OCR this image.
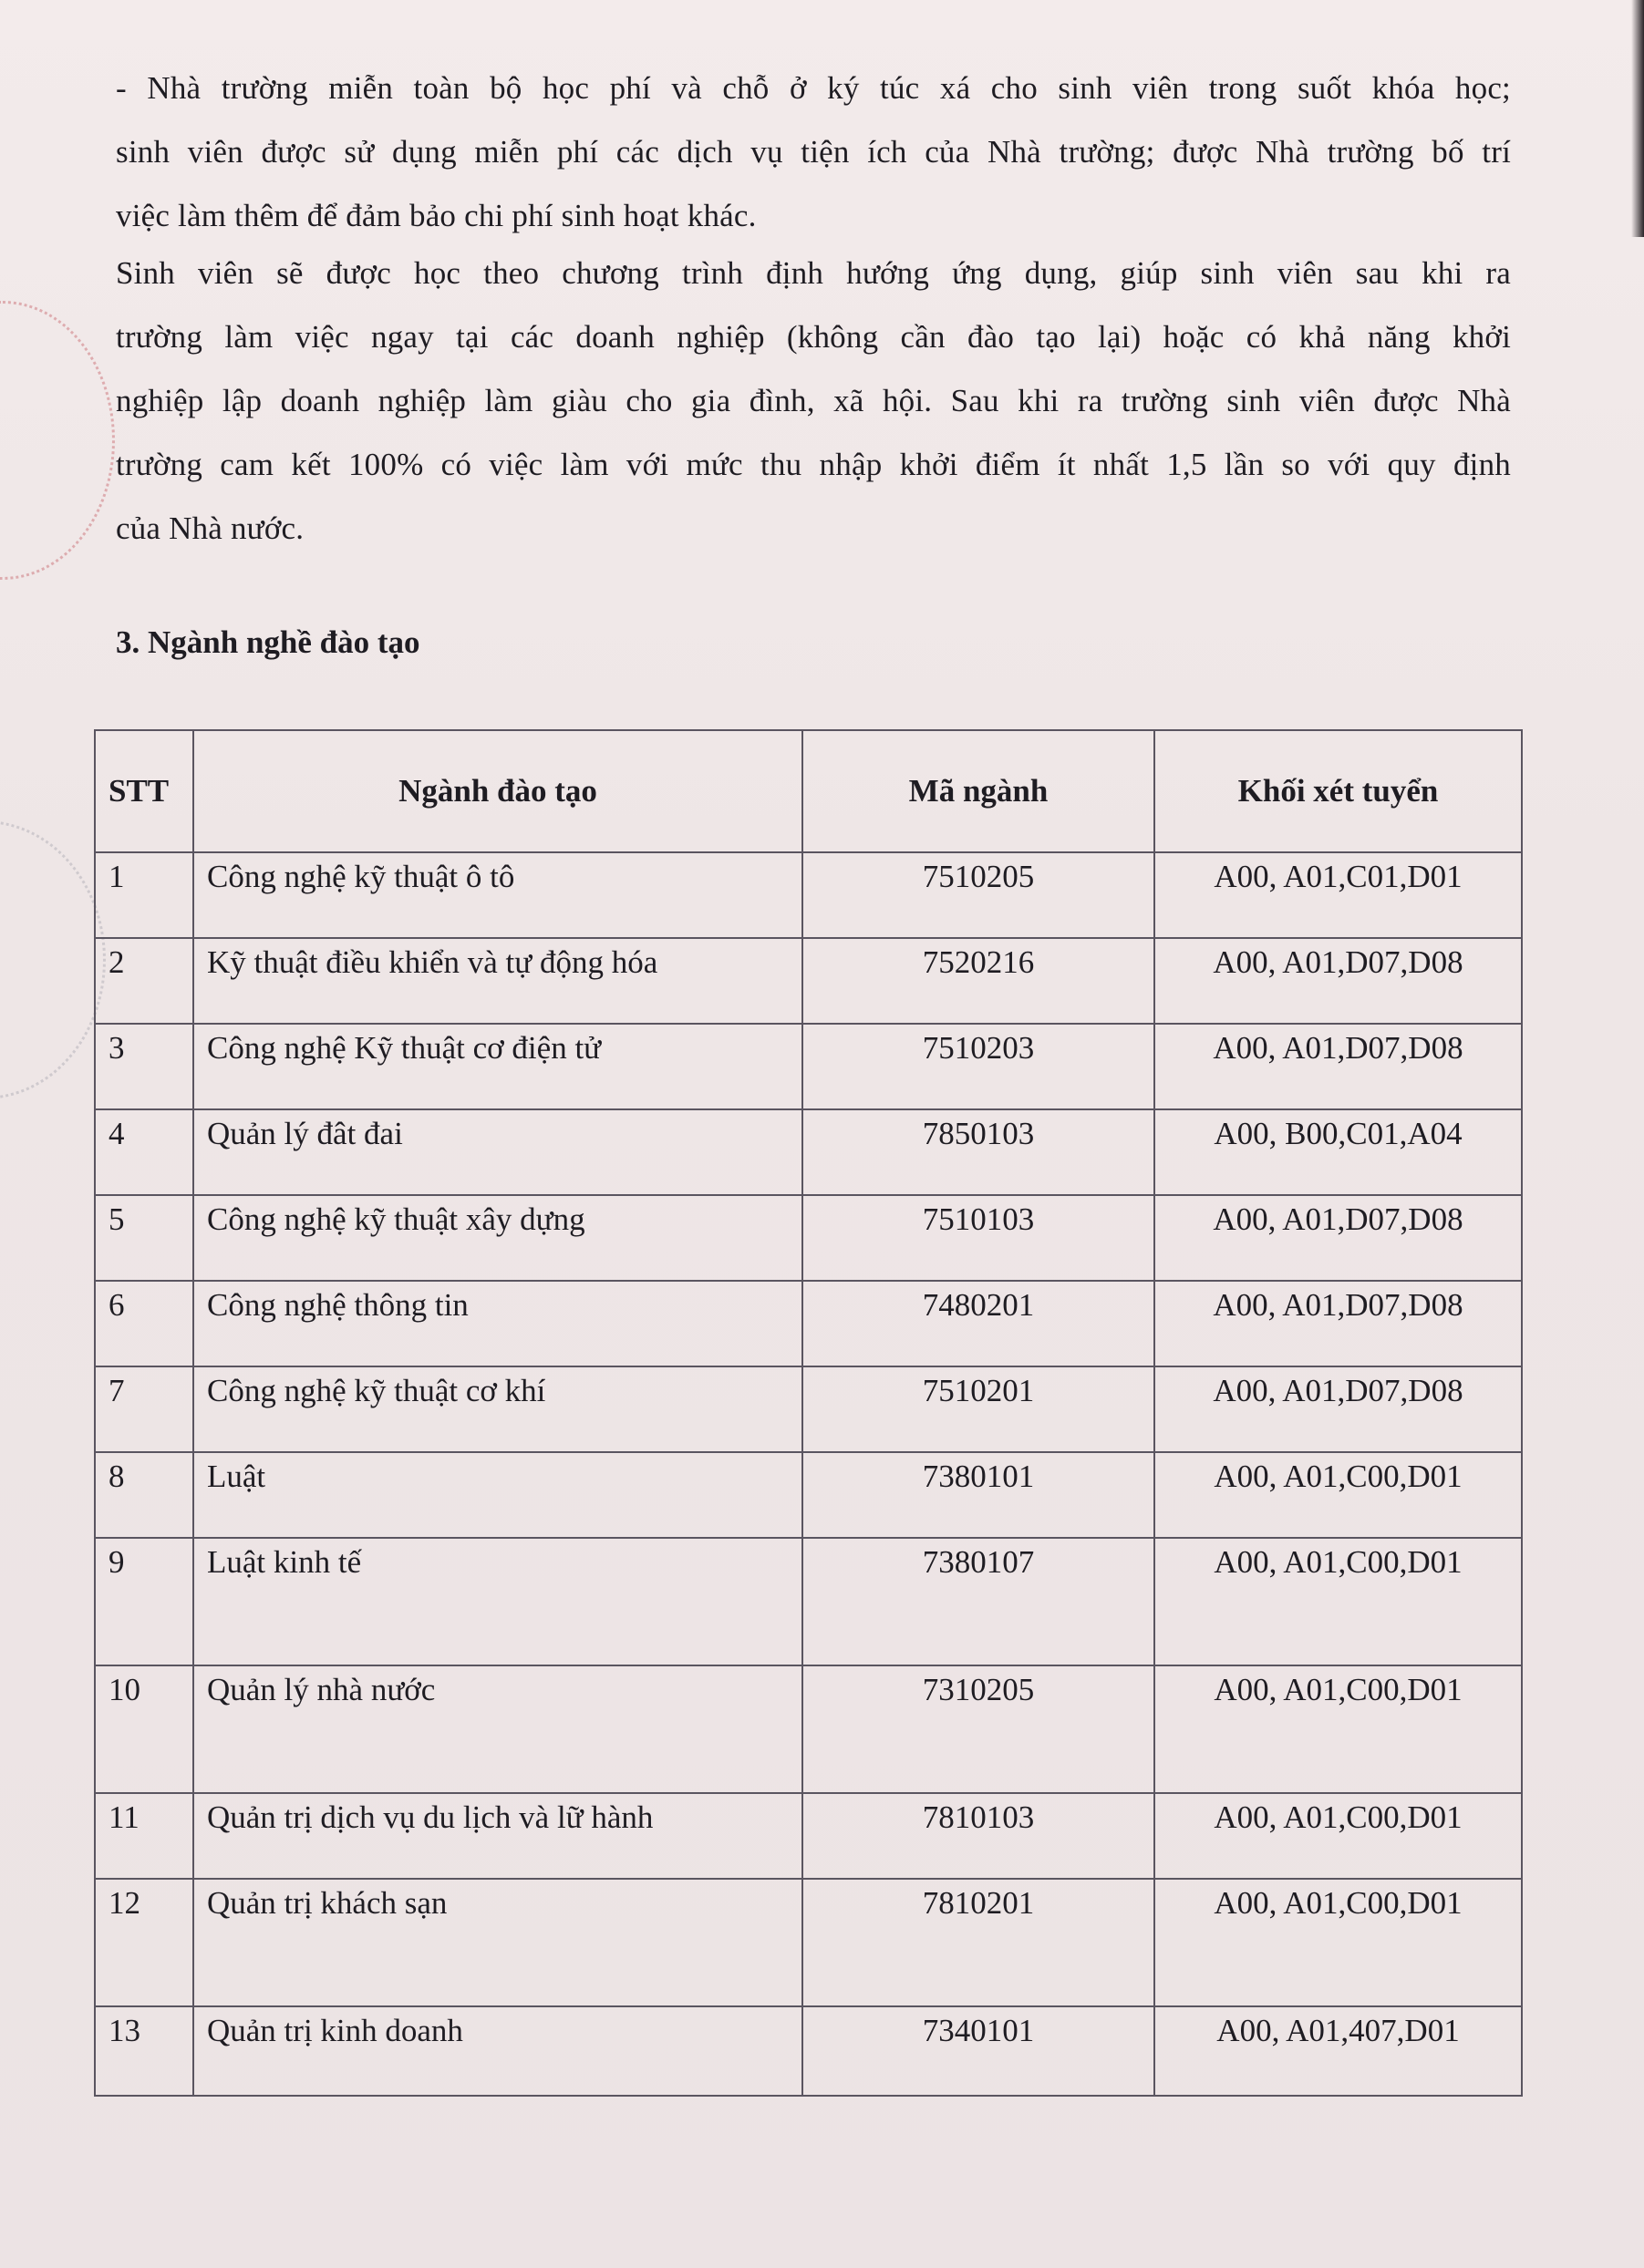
- Nhà trường miễn toàn bộ học phí và chỗ ở ký túc xá cho sinh viên trong suốt khóa học;
sinh viên được sử dụng miễn phí các dịch vụ tiện ích của Nhà trường; được Nhà trường bố trí
việc làm thêm để đảm bảo chi phí sinh hoạt khác.
Sinh viên sẽ được học theo chương trình định hướng ứng dụng, giúp sinh viên sau khi ra
trường làm việc ngay tại các doanh nghiệp (không cần đào tạo lại) hoặc có khả năng khởi
nghiệp lập doanh nghiệp làm giàu cho gia đình, xã hội. Sau khi ra trường sinh viên được Nhà
trường cam kết 100% có việc làm với mức thu nhập khởi điểm ít nhất 1,5 lần so với quy định
của Nhà nước.
3. Ngành nghề đào tạo
STT	Ngành đào tạo	Mã ngành	Khối xét tuyển
1	Công nghệ kỹ thuật ô tô	7510205	A00, A01,C01,D01
2	Kỹ thuật điều khiển và tự động hóa	7520216	A00, A01,D07,D08
3	Công nghệ Kỹ thuật cơ điện tử	7510203	A00, A01,D07,D08
4	Quản lý đât đai	7850103	A00, B00,C01,A04
5	Công nghệ kỹ thuật xây dựng	7510103	A00, A01,D07,D08
6	Công nghệ thông tin	7480201	A00, A01,D07,D08
7	Công nghệ kỹ thuật cơ khí	7510201	A00, A01,D07,D08
8	Luật	7380101	A00, A01,C00,D01
9	Luật kinh tế	7380107	A00, A01,C00,D01
10	Quản lý nhà nước	7310205	A00, A01,C00,D01
11	Quản trị dịch vụ du lịch và lữ hành	7810103	A00, A01,C00,D01
12	Quản trị khách sạn	7810201	A00, A01,C00,D01
13	Quản trị kinh doanh	7340101	A00, A01,407,D01
